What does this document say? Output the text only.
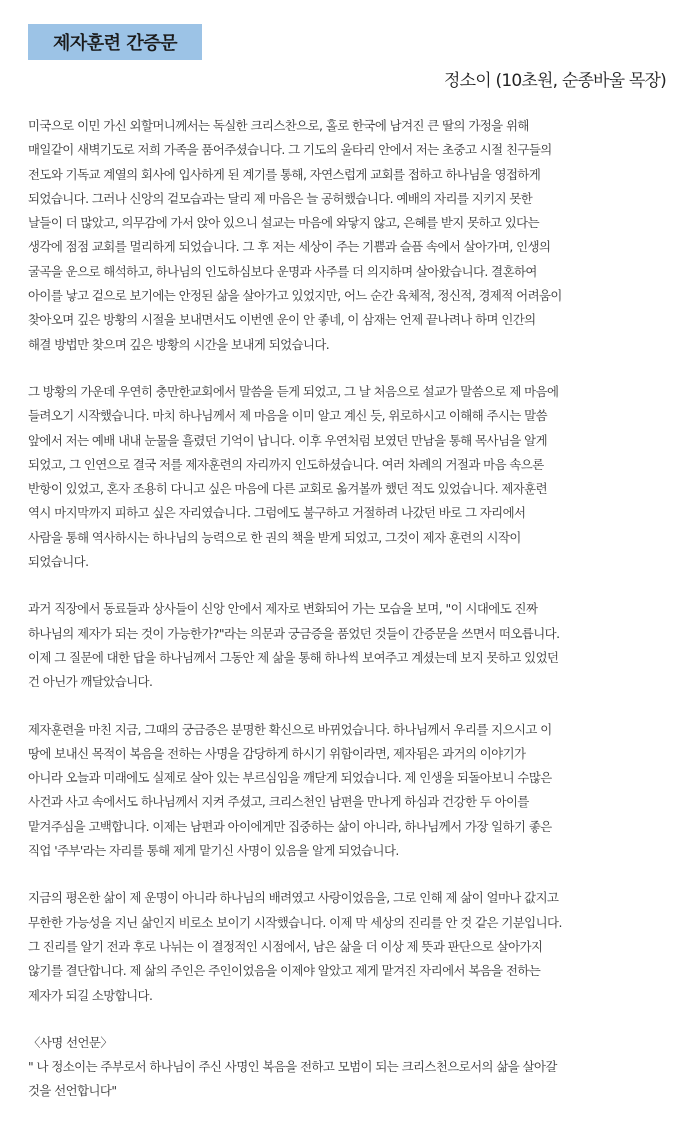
제자훈련 간증문
정소이 (10초원, 순종바울 목장)
미국으로 이민 가신 외할머니께서는 독실한 크리스찬으로, 홀로 한국에 남겨진 큰 딸의 가정을 위해
매일같이 새벽기도로 저희 가족을 품어주셨습니다. 그 기도의 울타리 안에서 저는 초중고 시절 친구들의
전도와 기독교 계열의 회사에 입사하게 된 계기를 통해, 자연스럽게 교회를 접하고 하나님을 영접하게
되었습니다. 그러나 신앙의 겉모습과는 달리 제 마음은 늘 공허했습니다. 예배의 자리를 지키지 못한
날들이 더 많았고, 의무감에 가서 앉아 있으니 설교는 마음에 와닿지 않고, 은혜를 받지 못하고 있다는
생각에 점점 교회를 멀리하게 되었습니다. 그 후 저는 세상이 주는 기쁨과 슬픔 속에서 살아가며, 인생의
굴곡을 운으로 해석하고, 하나님의 인도하심보다 운명과 사주를 더 의지하며 살아왔습니다. 결혼하여
아이를 낳고 겉으로 보기에는 안정된 삶을 살아가고 있었지만, 어느 순간 육체적, 정신적, 경제적 어려움이
찾아오며 깊은 방황의 시절을 보내면서도 이번엔 운이 안 좋네, 이 삼재는 언제 끝나려나 하며 인간의
해결 방법만 찾으며 깊은 방황의 시간을 보내게 되었습니다.
그 방황의 가운데 우연히 충만한교회에서 말씀을 듣게 되었고, 그 날 처음으로 설교가 말씀으로 제 마음에
들려오기 시작했습니다. 마치 하나님께서 제 마음을 이미 알고 계신 듯, 위로하시고 이해해 주시는 말씀
앞에서 저는 예배 내내 눈물을 흘렸던 기억이 납니다. 이후 우연처럼 보였던 만남을 통해 목사님을 알게
되었고, 그 인연으로 결국 저를 제자훈련의 자리까지 인도하셨습니다. 여러 차례의 거절과 마음 속으론
반항이 있었고, 혼자 조용히 다니고 싶은 마음에 다른 교회로 옮겨볼까 했던 적도 있었습니다. 제자훈련
역시 마지막까지 피하고 싶은 자리였습니다. 그럼에도 불구하고 거절하려 나갔던 바로 그 자리에서
사람을 통해 역사하시는 하나님의 능력으로 한 권의 책을 받게 되었고, 그것이 제자 훈련의 시작이
되었습니다.
과거 직장에서 동료들과 상사들이 신앙 안에서 제자로 변화되어 가는 모습을 보며, "이 시대에도 진짜
하나님의 제자가 되는 것이 가능한가?"라는 의문과 궁금증을 품었던 것들이 간증문을 쓰면서 떠오릅니다.
이제 그 질문에 대한 답을 하나님께서 그동안 제 삶을 통해 하나씩 보여주고 계셨는데 보지 못하고 있었던
건 아닌가 깨달았습니다.
제자훈련을 마친 지금, 그때의 궁금증은 분명한 확신으로 바뀌었습니다. 하나님께서 우리를 지으시고 이
땅에 보내신 목적이 복음을 전하는 사명을 감당하게 하시기 위함이라면, 제자됨은 과거의 이야기가
아니라 오늘과 미래에도 실제로 살아 있는 부르심임을 깨닫게 되었습니다. 제 인생을 되돌아보니 수많은
사건과 사고 속에서도 하나님께서 지켜 주셨고, 크리스천인 남편을 만나게 하심과 건강한 두 아이를
맡겨주심을 고백합니다. 이제는 남편과 아이에게만 집중하는 삶이 아니라, 하나님께서 가장 일하기 좋은
직업 '주부'라는 자리를 통해 제게 맡기신 사명이 있음을 알게 되었습니다.
지금의 평온한 삶이 제 운명이 아니라 하나님의 배려였고 사랑이었음을, 그로 인해 제 삶이 얼마나 값지고
무한한 가능성을 지닌 삶인지 비로소 보이기 시작했습니다. 이제 막 세상의 진리를 안 것 같은 기분입니다.
그 진리를 알기 전과 후로 나뉘는 이 결정적인 시점에서, 남은 삶을 더 이상 제 뜻과 판단으로 살아가지
않기를 결단합니다. 제 삶의 주인은 주인이었음을 이제야 알았고 제게 맡겨진 자리에서 복음을 전하는
제자가 되길 소망합니다.
〈사명 선언문〉
" 나 정소이는 주부로서 하나님이 주신 사명인 복음을 전하고 모범이 되는 크리스천으로서의 삶을 살아갈
것을 선언합니다"
